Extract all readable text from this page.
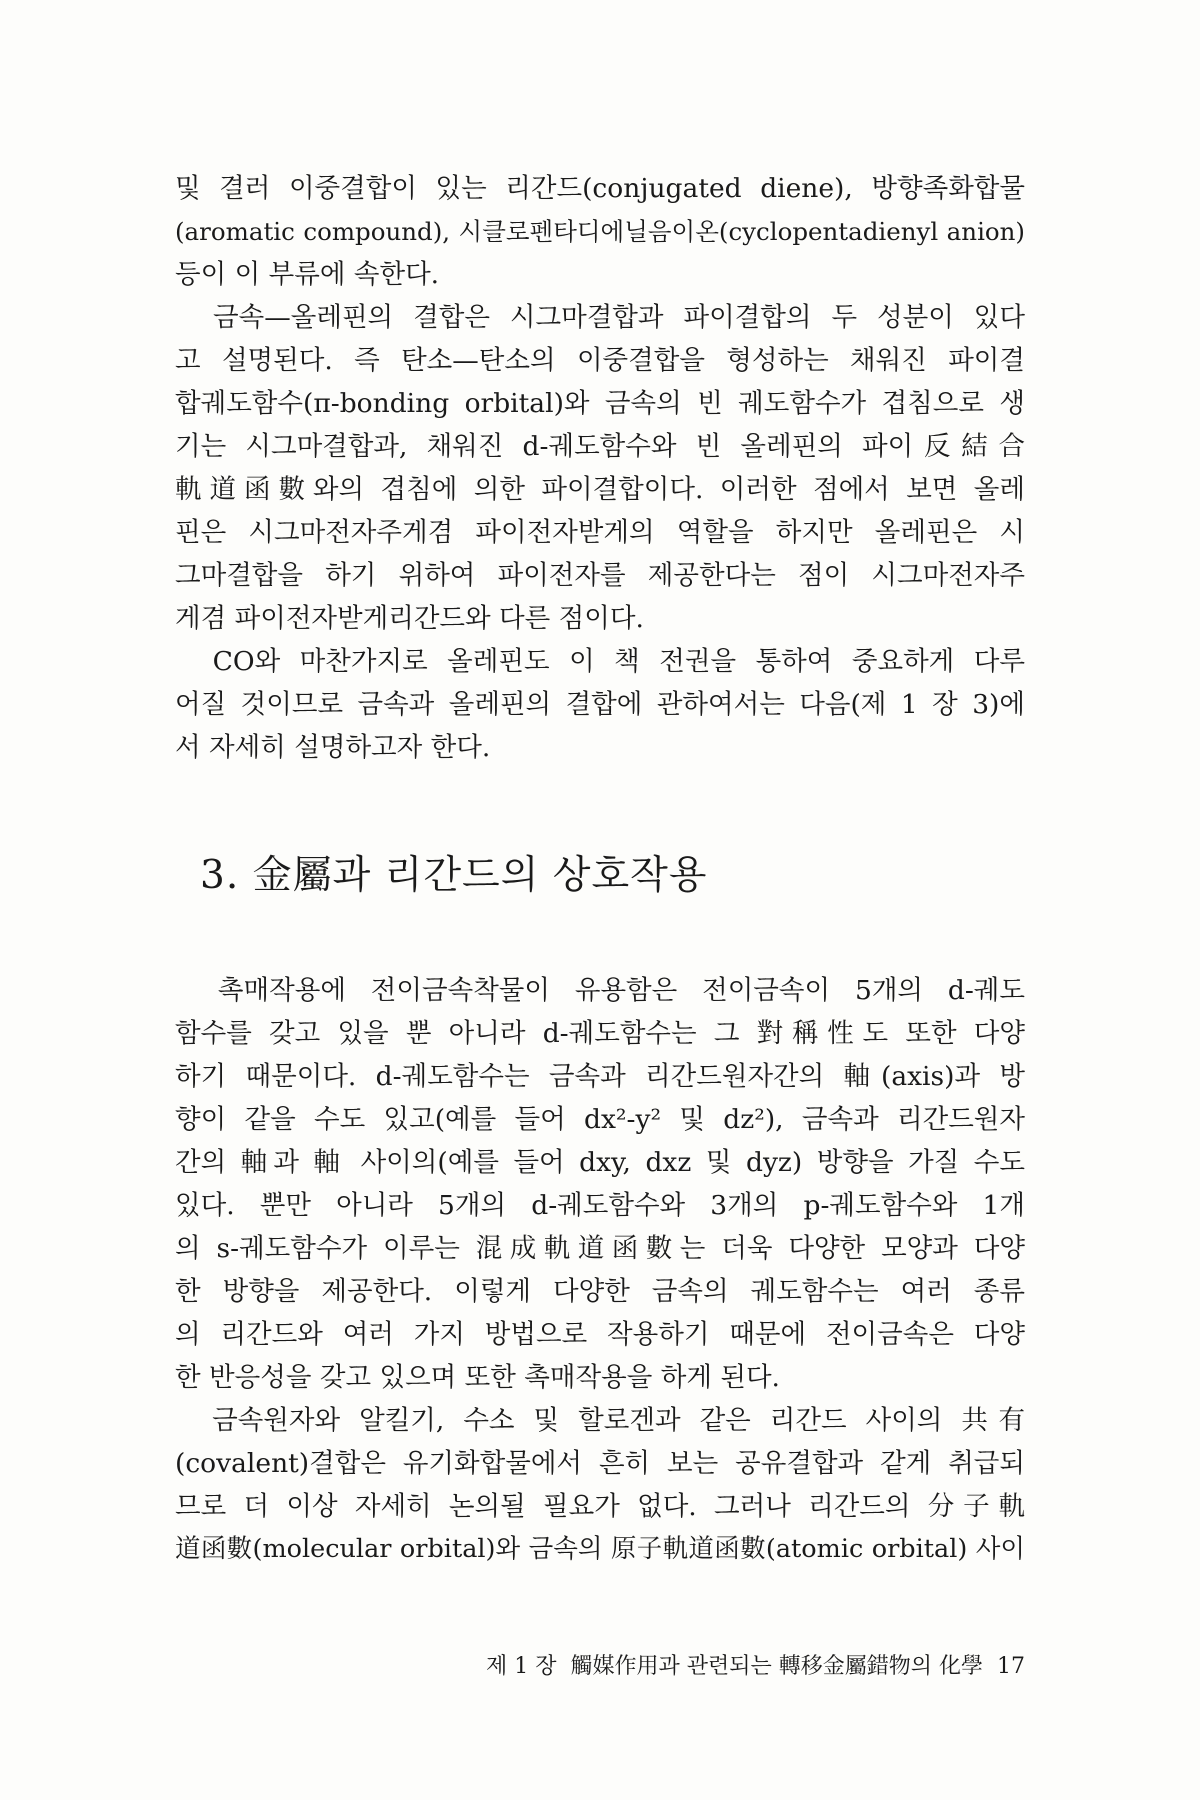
및 결러 이중결합이 있는 리간드(conjugated diene), 방향족화합물
(aromatic compound), 시클로펜타디에닐음이온(cyclopentadienyl anion)
등이 이 부류에 속한다.
　금속—올레핀의 결합은 시그마결합과 파이결합의 두 성분이 있다
고 설명된다. 즉 탄소—탄소의 이중결합을 형성하는 채워진 파이결
합궤도함수(π-bonding orbital)와 금속의 빈 궤도함수가 겹침으로 생
기는 시그마결합과, 채워진 d-궤도함수와 빈 올레핀의 파이反結合
軌道函數와의 겹침에 의한 파이결합이다. 이러한 점에서 보면 올레
핀은 시그마전자주게겸 파이전자받게의 역할을 하지만 올레핀은 시
그마결합을 하기 위하여 파이전자를 제공한다는 점이 시그마전자주
게겸 파이전자받게리간드와 다른 점이다.
　CO와 마찬가지로 올레핀도 이 책 전권을 통하여 중요하게 다루
어질 것이므로 금속과 올레핀의 결합에 관하여서는 다음(제 1 장 3)에
서 자세히 설명하고자 한다.
3. 金屬과 리간드의 상호작용
　촉매작용에 전이금속착물이 유용함은 전이금속이 5개의 d-궤도
함수를 갖고 있을 뿐 아니라 d-궤도함수는 그 對稱性도 또한 다양
하기 때문이다. d-궤도함수는 금속과 리간드원자간의 軸(axis)과 방
향이 같을 수도 있고(예를 들어 dx²-y² 및 dz²), 금속과 리간드원자
간의 軸과 軸 사이의(예를 들어 dxy, dxz 및 dyz) 방향을 가질 수도
있다. 뿐만 아니라 5개의 d-궤도함수와 3개의 p-궤도함수와 1개
의 s-궤도함수가 이루는 混成軌道函數는 더욱 다양한 모양과 다양
한 방향을 제공한다. 이렇게 다양한 금속의 궤도함수는 여러 종류
의 리간드와 여러 가지 방법으로 작용하기 때문에 전이금속은 다양
한 반응성을 갖고 있으며 또한 촉매작용을 하게 된다.
　금속원자와 알킬기, 수소 및 할로겐과 같은 리간드 사이의 共有
(covalent)결합은 유기화합물에서 흔히 보는 공유결합과 같게 취급되
므로 더 이상 자세히 논의될 필요가 없다. 그러나 리간드의 分子軌
道函數(molecular orbital)와 금속의 原子軌道函數(atomic orbital) 사이
제 1 장 觸媒作用과 관련되는 轉移金屬錯物의 化學 17
